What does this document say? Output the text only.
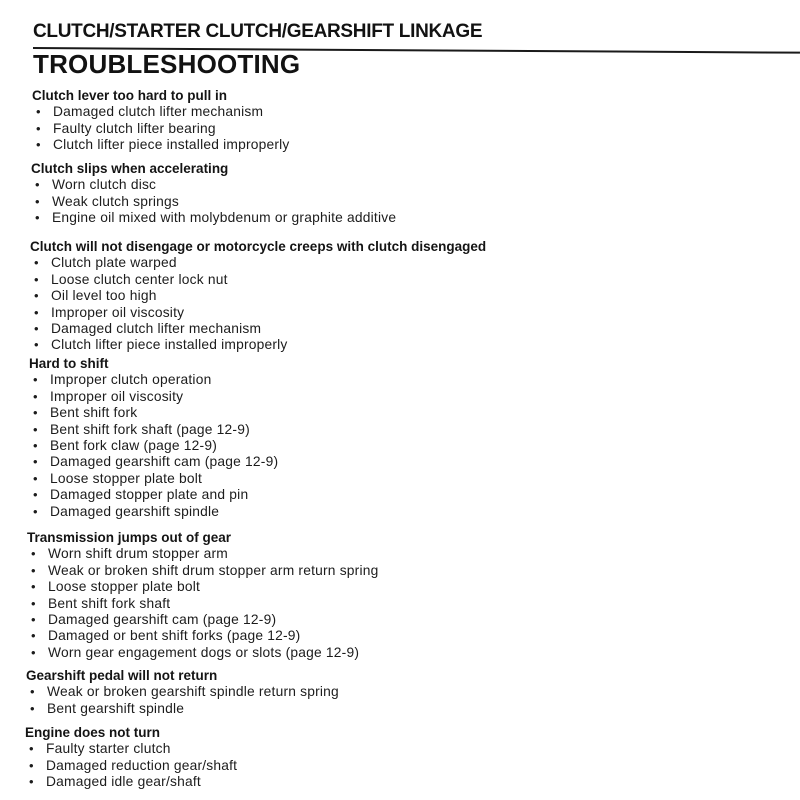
CLUTCH/STARTER CLUTCH/GEARSHIFT LINKAGE
TROUBLESHOOTING
Clutch lever too hard to pull in
• Damaged clutch lifter mechanism
• Faulty clutch lifter bearing
• Clutch lifter piece installed improperly
Clutch slips when accelerating
• Worn clutch disc
• Weak clutch springs
• Engine oil mixed with molybdenum or graphite additive
Clutch will not disengage or motorcycle creeps with clutch disengaged
• Clutch plate warped
• Loose clutch center lock nut
• Oil level too high
• Improper oil viscosity
• Damaged clutch lifter mechanism
• Clutch lifter piece installed improperly
Hard to shift
• Improper clutch operation
• Improper oil viscosity
• Bent shift fork
• Bent shift fork shaft (page 12-9)
• Bent fork claw (page 12-9)
• Damaged gearshift cam (page 12-9)
• Loose stopper plate bolt
• Damaged stopper plate and pin
• Damaged gearshift spindle
Transmission jumps out of gear
• Worn shift drum stopper arm
• Weak or broken shift drum stopper arm return spring
• Loose stopper plate bolt
• Bent shift fork shaft
• Damaged gearshift cam (page 12-9)
• Damaged or bent shift forks (page 12-9)
• Worn gear engagement dogs or slots (page 12-9)
Gearshift pedal will not return
• Weak or broken gearshift spindle return spring
• Bent gearshift spindle
Engine does not turn
• Faulty starter clutch
• Damaged reduction gear/shaft
• Damaged idle gear/shaft
